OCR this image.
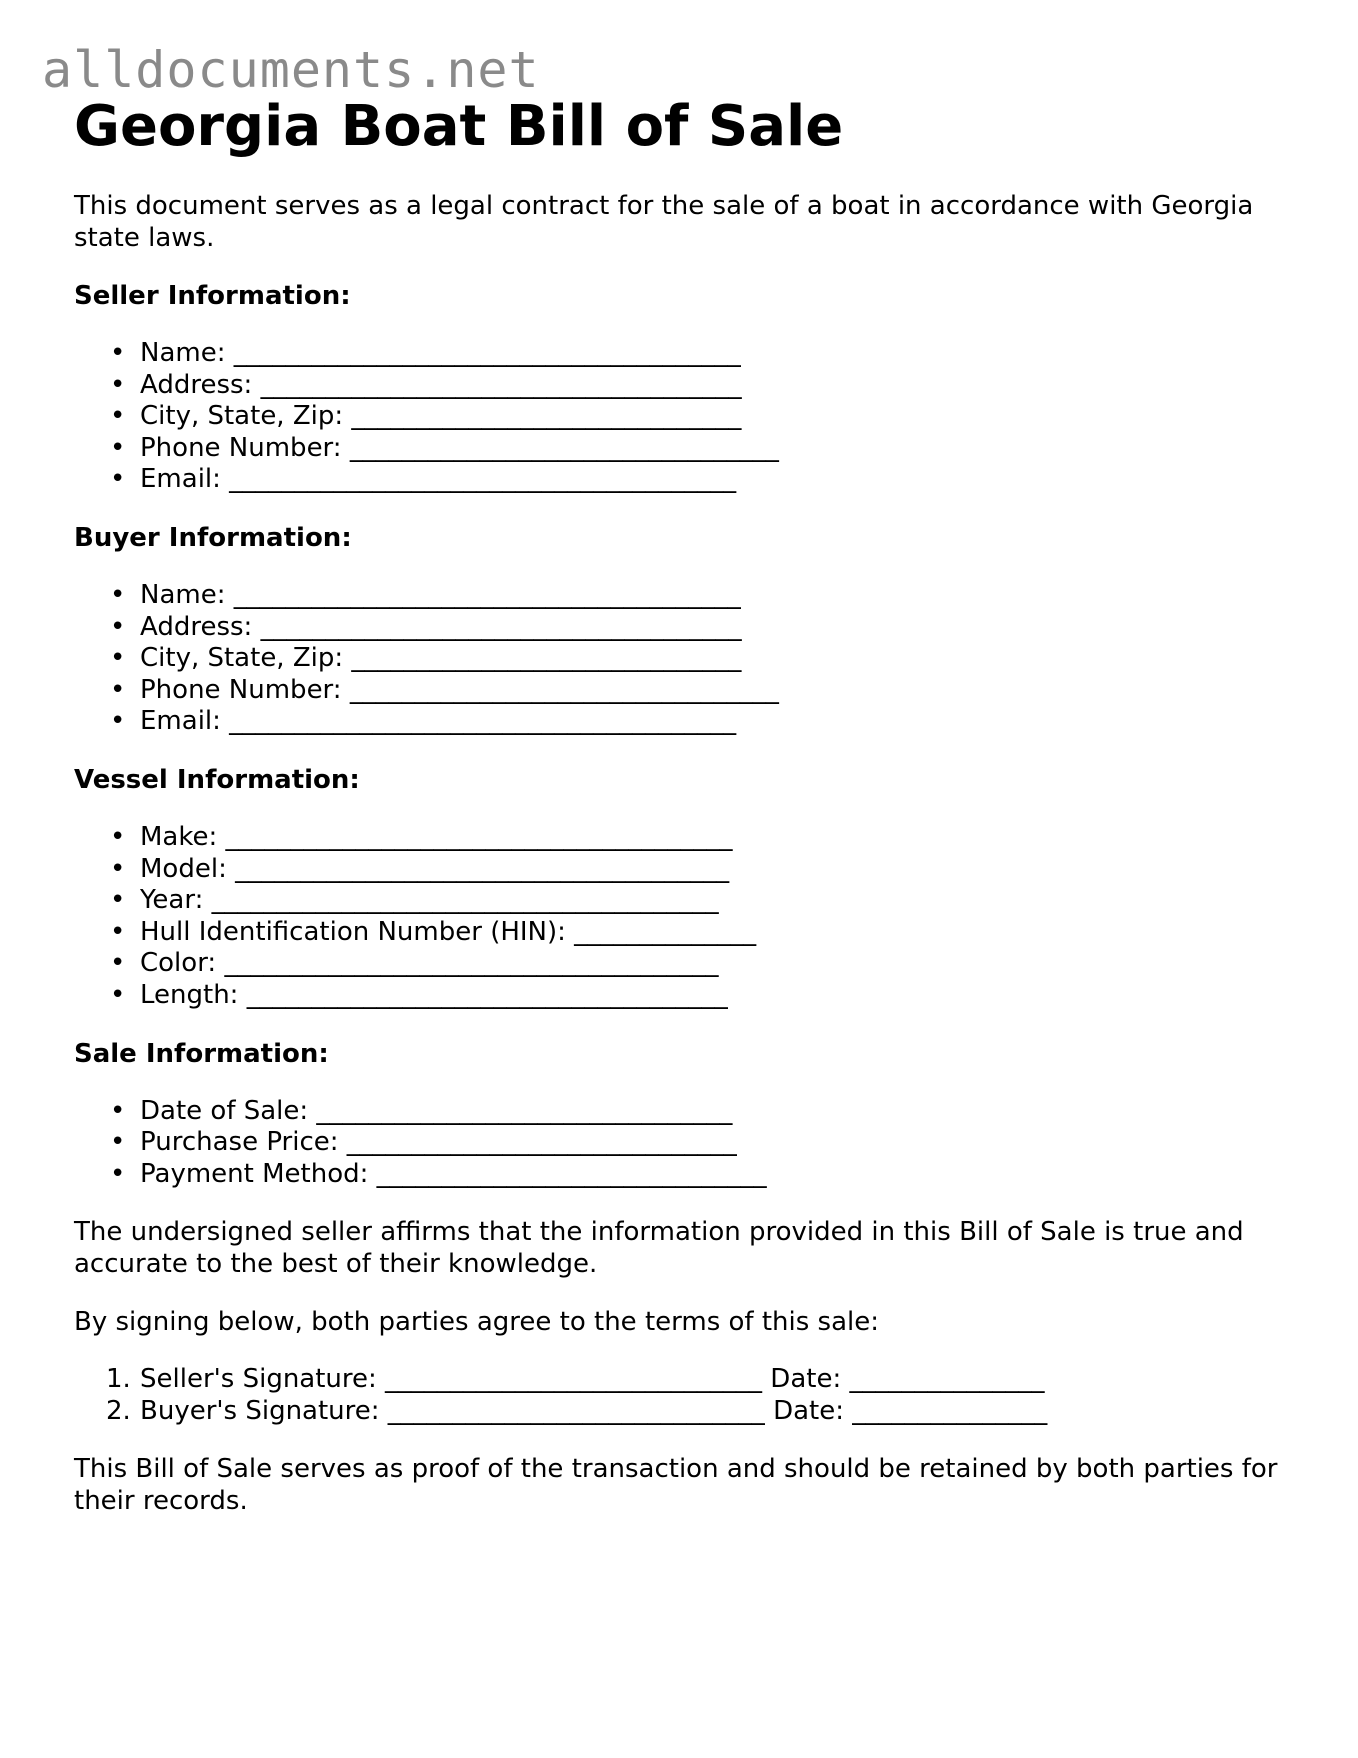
alldocuments.net
Georgia Boat Bill of Sale

This document serves as a legal contract for the sale of a boat in accordance with Georgia state laws.

Seller Information:
• Name: _______________________________________
• Address: _____________________________________
• City, State, Zip: ______________________________
• Phone Number: _________________________________
• Email: _______________________________________
Buyer Information:
• Name: _______________________________________
• Address: _____________________________________
• City, State, Zip: ______________________________
• Phone Number: _________________________________
• Email: _______________________________________
Vessel Information:
• Make: _______________________________________
• Model: ______________________________________
• Year: _______________________________________
• Hull Identification Number (HIN): ______________
• Color: ______________________________________
• Length: _____________________________________
Sale Information:
• Date of Sale: ________________________________
• Purchase Price: ______________________________
• Payment Method: ______________________________

The undersigned seller affirms that the information provided in this Bill of Sale is true and accurate to the best of their knowledge.

By signing below, both parties agree to the terms of this sale:

1. Seller's Signature: _____________________________ Date: _______________
2. Buyer's Signature: _____________________________ Date: _______________

This Bill of Sale serves as proof of the transaction and should be retained by both parties for their records.
